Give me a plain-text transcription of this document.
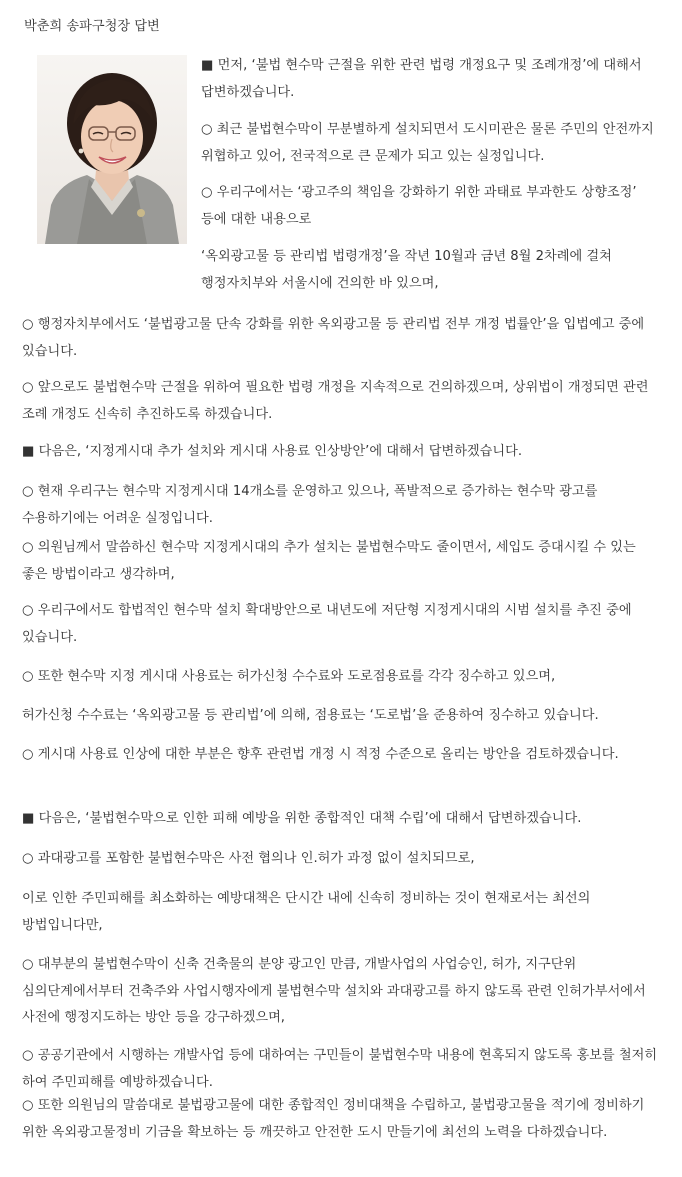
박춘희 송파구청장 답변

■ 먼저, ‘불법 현수막 근절을 위한 관련 법령 개정요구 및 조례개정’에 대해서 답변하겠습니다.

○ 최근 불법현수막이 무분별하게 설치되면서 도시미관은 물론 주민의 안전까지 위협하고 있어, 전국적으로 큰 문제가 되고 있는 실정입니다.

○ 우리구에서는 ‘광고주의 책임을 강화하기 위한 과태료 부과한도 상향조정’ 등에 대한 내용으로

‘옥외광고물 등 관리법 법령개정’을 작년 10월과 금년 8월 2차례에 걸쳐 행정자치부와 서울시에 건의한 바 있으며,

○ 행정자치부에서도 ‘불법광고물 단속 강화를 위한 옥외광고물 등 관리법 전부 개정 법률안’을 입법예고 중에 있습니다.

○ 앞으로도 불법현수막 근절을 위하여 필요한 법령 개정을 지속적으로 건의하겠으며, 상위법이 개정되면 관련 조례 개정도 신속히 추진하도록 하겠습니다.

■ 다음은, ‘지정게시대 추가 설치와 게시대 사용료 인상방안’에 대해서 답변하겠습니다.

○ 현재 우리구는 현수막 지정게시대 14개소를 운영하고 있으나, 폭발적으로 증가하는 현수막 광고를 수용하기에는 어려운 실정입니다.

○ 의원님께서 말씀하신 현수막 지정게시대의 추가 설치는 불법현수막도 줄이면서, 세입도 증대시킬 수 있는 좋은 방법이라고 생각하며,

○ 우리구에서도 합법적인 현수막 설치 확대방안으로 내년도에 저단형 지정게시대의 시범 설치를 추진 중에 있습니다.

○ 또한 현수막 지정 게시대 사용료는 허가신청 수수료와 도로점용료를 각각 징수하고 있으며,

허가신청 수수료는 ‘옥외광고물 등 관리법’에 의해, 점용료는 ‘도로법’을 준용하여 징수하고 있습니다.

○ 게시대 사용료 인상에 대한 부분은 향후 관련법 개정 시 적정 수준으로 올리는 방안을 검토하겠습니다.

■ 다음은, ‘불법현수막으로 인한 피해 예방을 위한 종합적인 대책 수립’에 대해서 답변하겠습니다.

○ 과대광고를 포함한 불법현수막은 사전 협의나 인.허가 과정 없이 설치되므로,

이로 인한 주민피해를 최소화하는 예방대책은 단시간 내에 신속히 정비하는 것이 현재로서는 최선의 방법입니다만,

○ 대부분의 불법현수막이 신축 건축물의 분양 광고인 만큼, 개발사업의 사업승인, 허가, 지구단위 심의단계에서부터 건축주와 사업시행자에게 불법현수막 설치와 과대광고를 하지 않도록 관련 인허가부서에서 사전에 행정지도하는 방안 등을 강구하겠으며,

○ 공공기관에서 시행하는 개발사업 등에 대하여는 구민들이 불법현수막 내용에 현혹되지 않도록 홍보를 철저히 하여 주민피해를 예방하겠습니다.

○ 또한 의원님의 말씀대로 불법광고물에 대한 종합적인 정비대책을 수립하고, 불법광고물을 적기에 정비하기 위한 옥외광고물정비 기금을 확보하는 등 깨끗하고 안전한 도시 만들기에 최선의 노력을 다하겠습니다.
